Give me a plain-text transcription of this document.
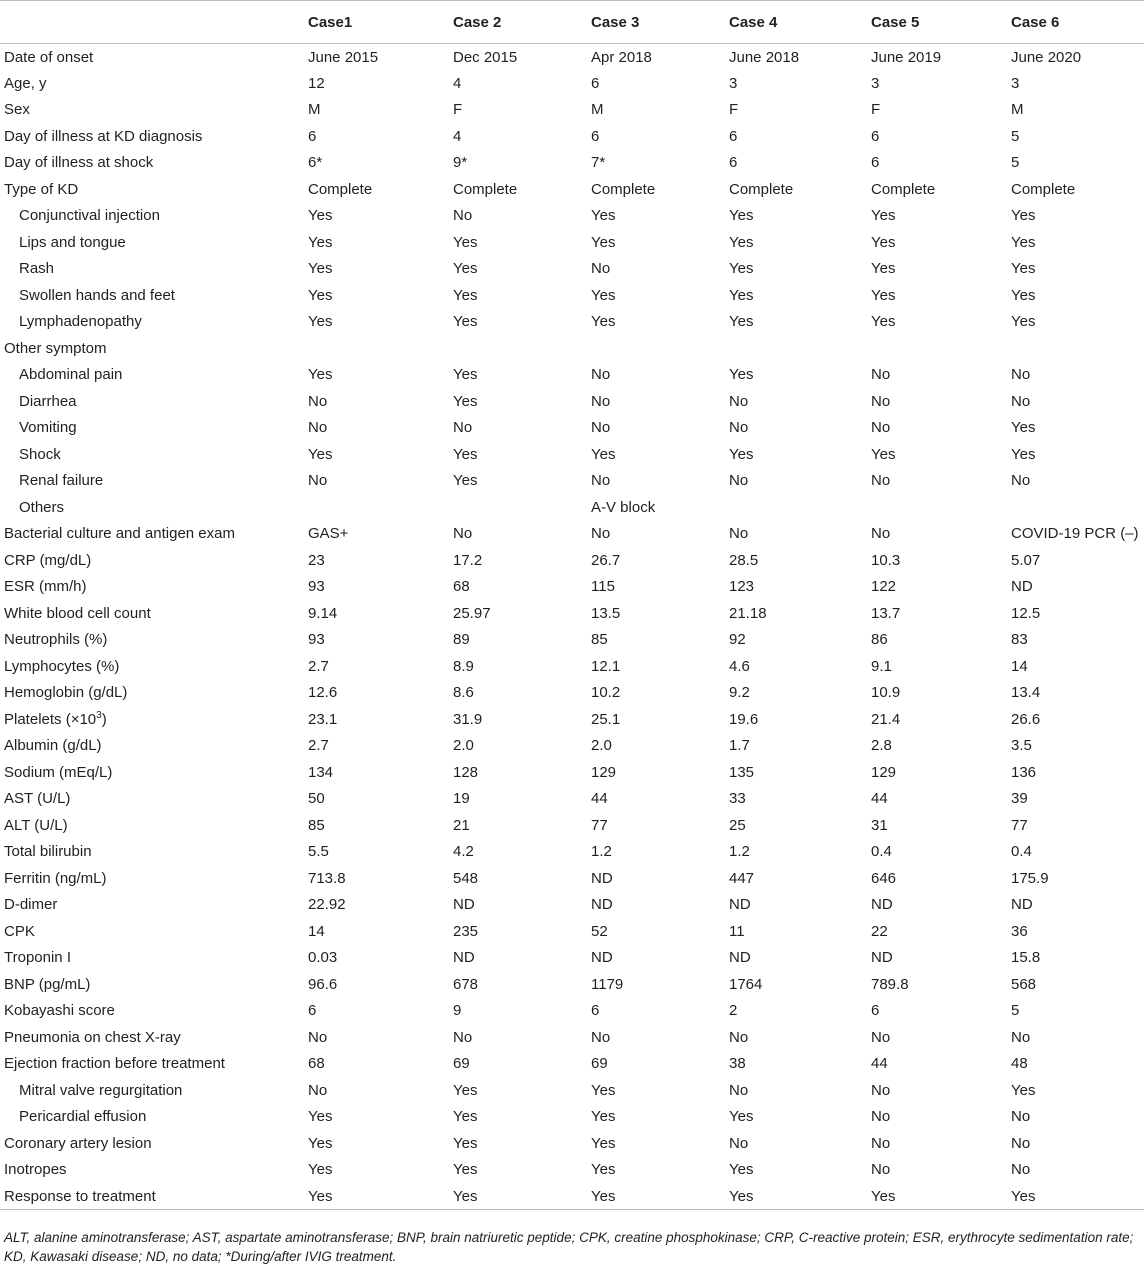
	Case1	Case 2	Case 3	Case 4	Case 5	Case 6
Date of onset	June 2015	Dec 2015	Apr 2018	June 2018	June 2019	June 2020
Age, y	12	4	6	3	3	3
Sex	M	F	M	F	F	M
Day of illness at KD diagnosis	6	4	6	6	6	5
Day of illness at shock	6*	9*	7*	6	6	5
Type of KD	Complete	Complete	Complete	Complete	Complete	Complete
Conjunctival injection	Yes	No	Yes	Yes	Yes	Yes
Lips and tongue	Yes	Yes	Yes	Yes	Yes	Yes
Rash	Yes	Yes	No	Yes	Yes	Yes
Swollen hands and feet	Yes	Yes	Yes	Yes	Yes	Yes
Lymphadenopathy	Yes	Yes	Yes	Yes	Yes	Yes
Other symptom						
Abdominal pain	Yes	Yes	No	Yes	No	No
Diarrhea	No	Yes	No	No	No	No
Vomiting	No	No	No	No	No	Yes
Shock	Yes	Yes	Yes	Yes	Yes	Yes
Renal failure	No	Yes	No	No	No	No
Others			A-V block			
Bacterial culture and antigen exam	GAS+	No	No	No	No	COVID-19 PCR (–)
CRP (mg/dL)	23	17.2	26.7	28.5	10.3	5.07
ESR (mm/h)	93	68	115	123	122	ND
White blood cell count	9.14	25.97	13.5	21.18	13.7	12.5
Neutrophils (%)	93	89	85	92	86	83
Lymphocytes (%)	2.7	8.9	12.1	4.6	9.1	14
Hemoglobin (g/dL)	12.6	8.6	10.2	9.2	10.9	13.4
Platelets $(\times 10^3)$	23.1	31.9	25.1	19.6	21.4	26.6
Albumin (g/dL)	2.7	2.0	2.0	1.7	2.8	3.5
Sodium (mEq/L)	134	128	129	135	129	136
AST (U/L)	50	19	44	33	44	39
ALT (U/L)	85	21	77	25	31	77
Total bilirubin	5.5	4.2	1.2	1.2	0.4	0.4
Ferritin (ng/mL)	713.8	548	ND	447	646	175.9
D-dimer	22.92	ND	ND	ND	ND	ND
CPK	14	235	52	11	22	36
Troponin I	0.03	ND	ND	ND	ND	15.8
BNP (pg/mL)	96.6	678	1179	1764	789.8	568
Kobayashi score	6	9	6	2	6	5
Pneumonia on chest X-ray	No	No	No	No	No	No
Ejection fraction before treatment	68	69	69	38	44	48
Mitral valve regurgitation	No	Yes	Yes	No	No	Yes
Pericardial effusion	Yes	Yes	Yes	Yes	No	No
Coronary artery lesion	Yes	Yes	Yes	No	No	No
Inotropes	Yes	Yes	Yes	Yes	No	No
Response to treatment	Yes	Yes	Yes	Yes	Yes	Yes
ALT, alanine aminotransferase; AST, aspartate aminotransferase; BNP, brain natriuretic peptide; CPK, creatine phosphokinase; CRP, C-reactive protein; ESR, erythrocyte sedimentation rate; KD, Kawasaki disease; ND, no data; *During/after IVIG treatment.
